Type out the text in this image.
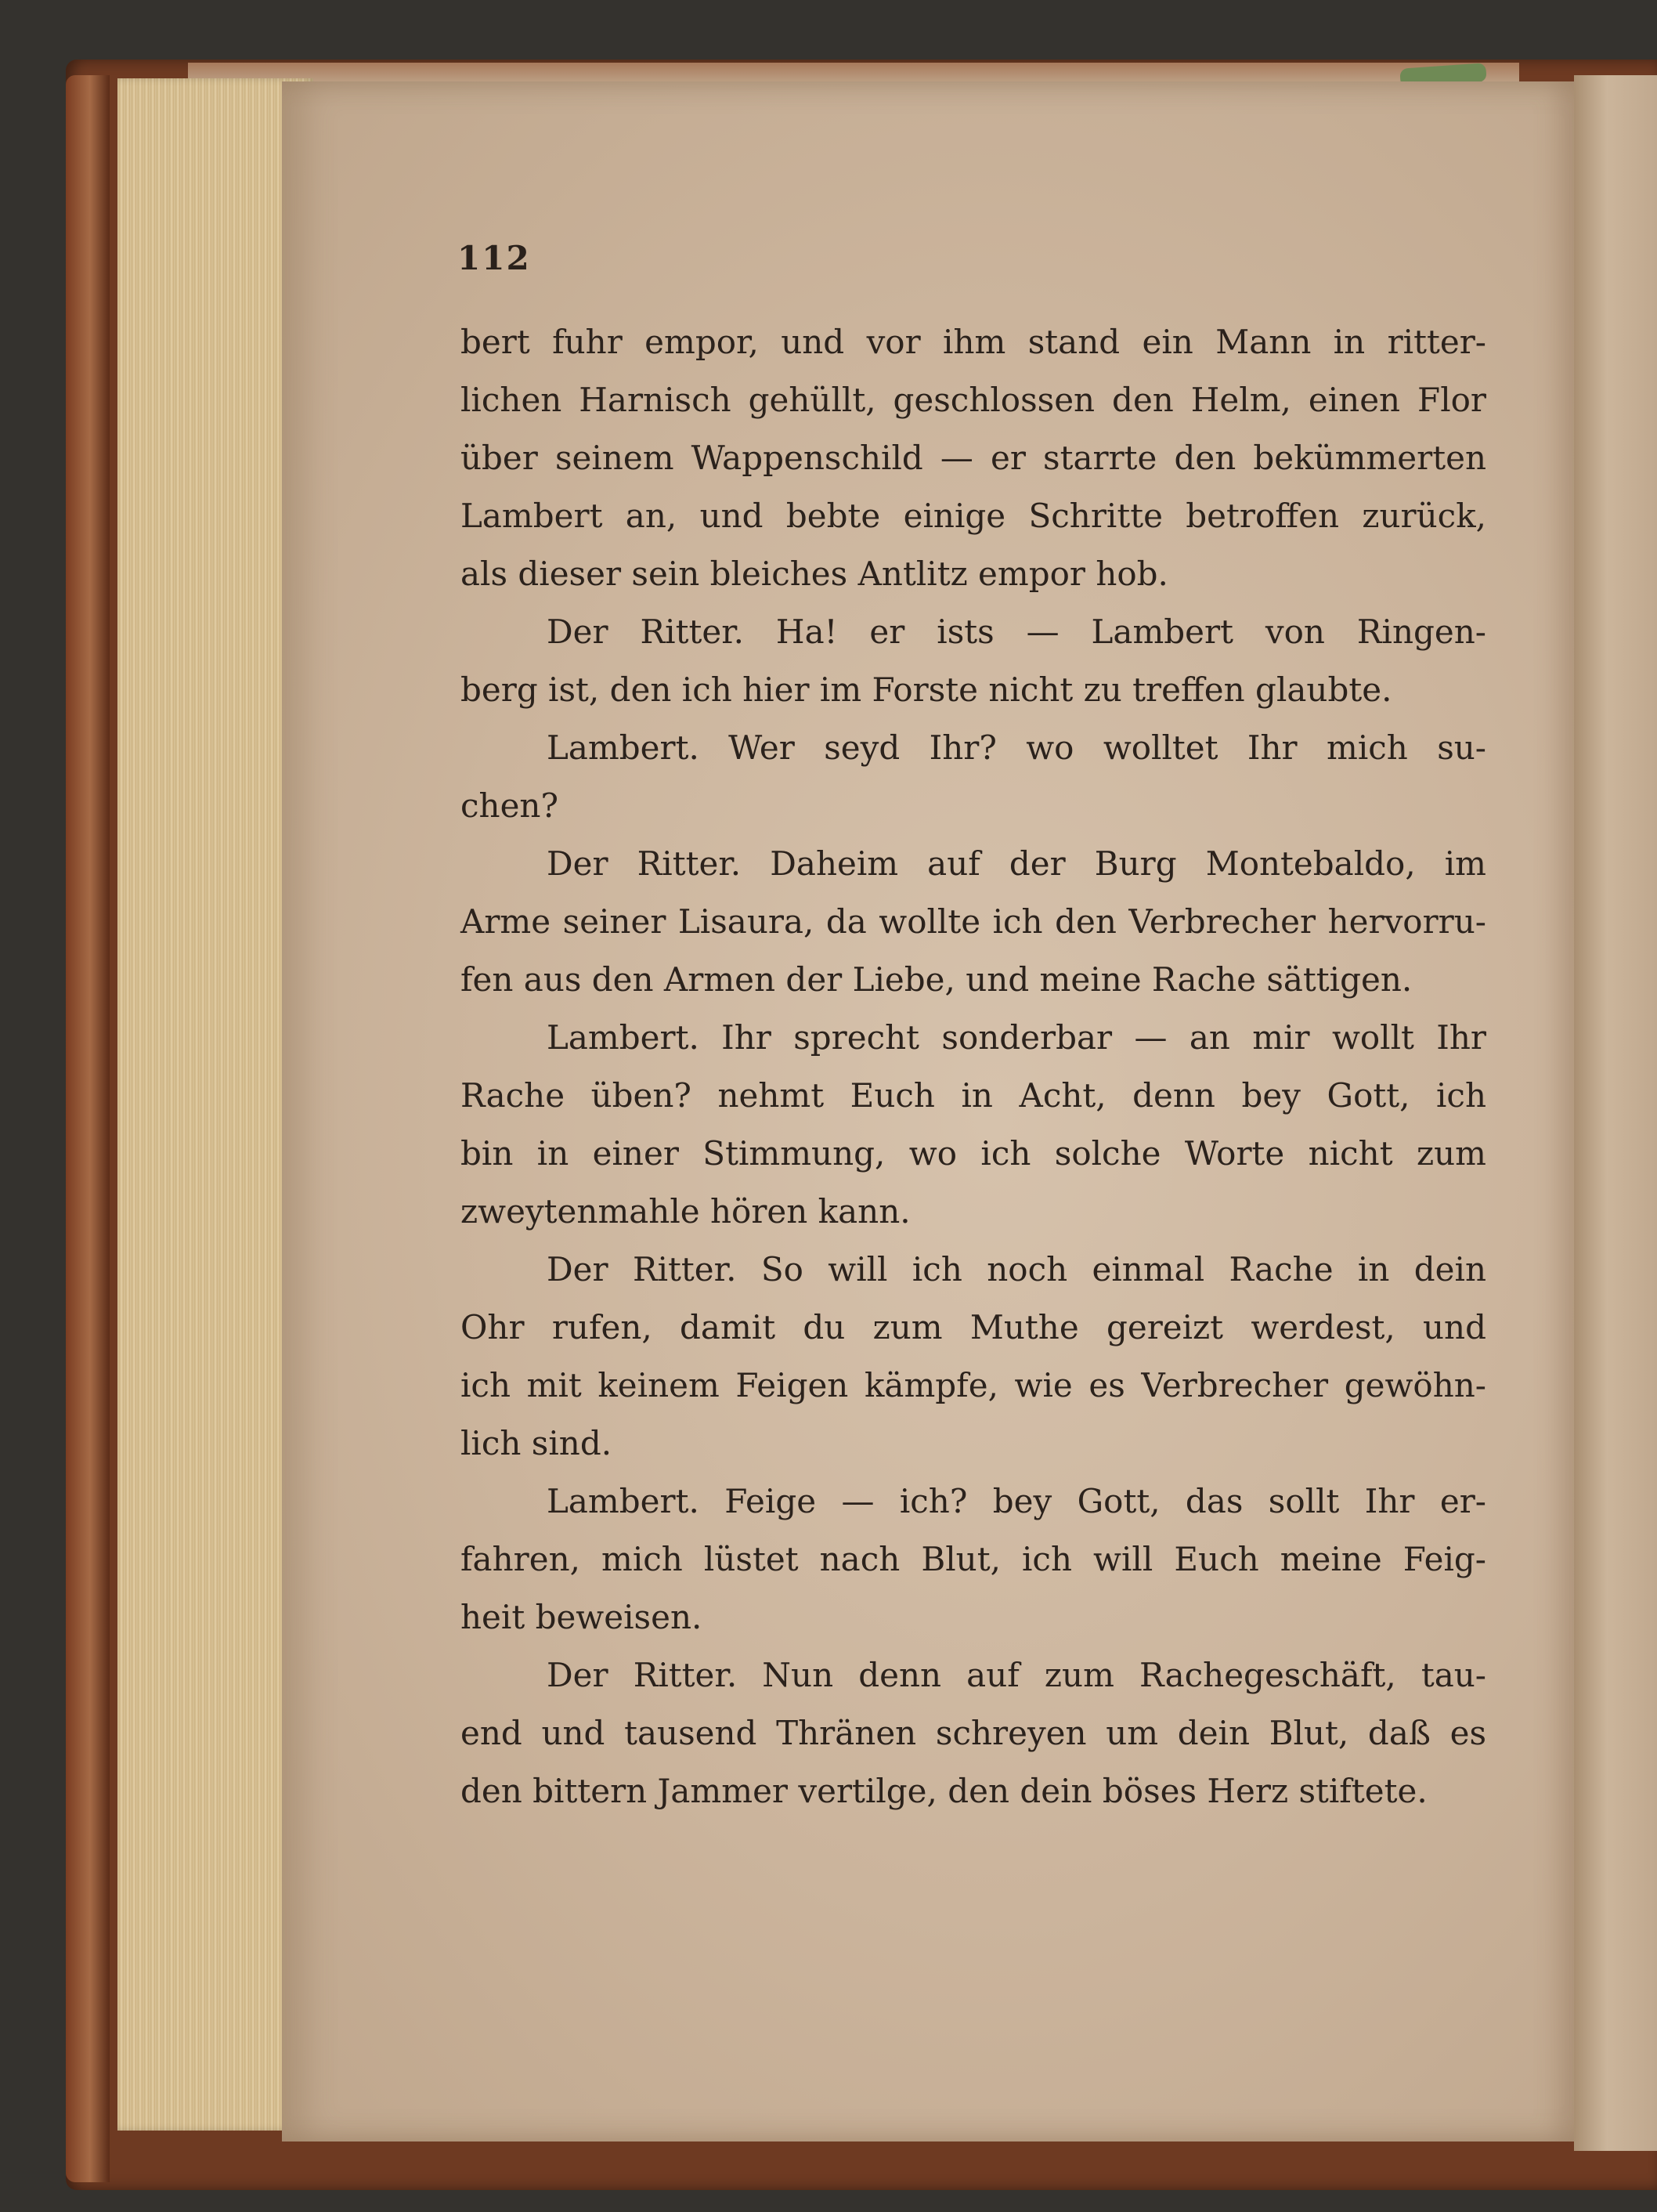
112
bert fuhr empor, und vor ihm stand ein Mann in ritter-
lichen Harnisch gehüllt, geschlossen den Helm, einen Flor
über seinem Wappenschild — er starrte den bekümmerten
Lambert an, und bebte einige Schritte betroffen zurück,
als dieser sein bleiches Antlitz empor hob.
Der Ritter. Ha! er ists — Lambert von Ringen-
berg ist, den ich hier im Forste nicht zu treffen glaubte.
Lambert. Wer seyd Ihr? wo wolltet Ihr mich su-
chen?
Der Ritter. Daheim auf der Burg Montebaldo, im
Arme seiner Lisaura, da wollte ich den Verbrecher hervorru-
fen aus den Armen der Liebe, und meine Rache sättigen.
Lambert. Ihr sprecht sonderbar — an mir wollt Ihr
Rache üben? nehmt Euch in Acht, denn bey Gott, ich
bin in einer Stimmung, wo ich solche Worte nicht zum
zweytenmahle hören kann.
Der Ritter. So will ich noch einmal Rache in dein
Ohr rufen, damit du zum Muthe gereizt werdest, und
ich mit keinem Feigen kämpfe, wie es Verbrecher gewöhn-
lich sind.
Lambert. Feige — ich? bey Gott, das sollt Ihr er-
fahren, mich lüstet nach Blut, ich will Euch meine Feig-
heit beweisen.
Der Ritter. Nun denn auf zum Rachegeschäft, tau-
end und tausend Thränen schreyen um dein Blut, daß es
den bittern Jammer vertilge, den dein böses Herz stiftete.
